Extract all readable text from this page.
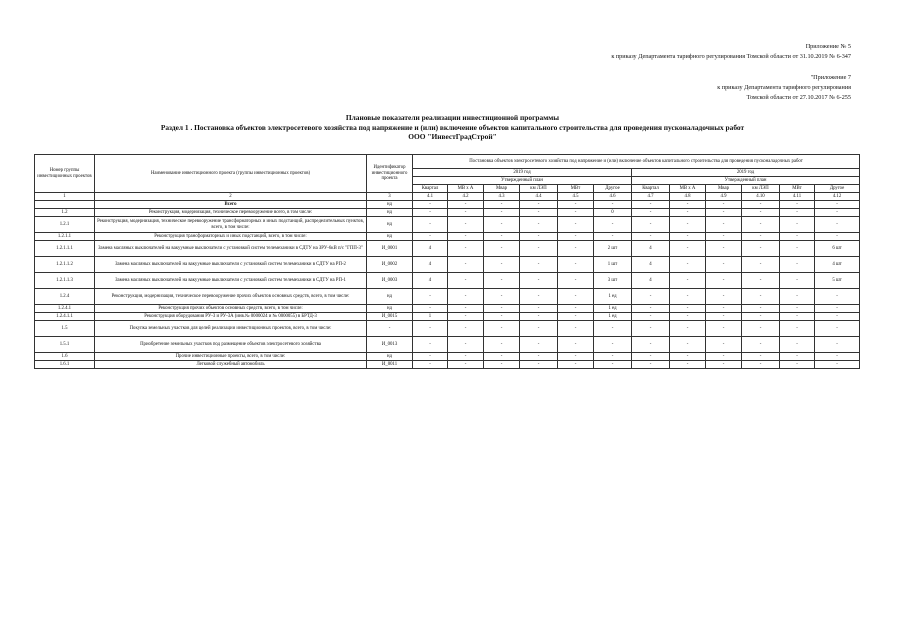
Приложение № 5
к приказу Департамента тарифного регулирования Томской области от 31.10.2019 № 6-347
"Приложение 7
к приказу Департамента тарифного регулирования
Томской области от 27.10.2017 № 6-255
Плановые показатели реализации инвестиционной программы
Раздел 1 . Постановка объектов электросетевого хозяйства под напряжение и (или) включение объектов капитального строительства для проведения пусконаладочных работ
ООО "ИнвестГрадСтрой"
Номер группы инвестиционных проектов	Наименование инвестиционного проекта (группы инвестиционных проектов)	Идентификатор инвестиционного проекта	Постановка объектов электросетевого хозяйства под напряжение и (или) включение объектов капитального строительства для проведения пусконаладочных работ											
			2019 год						2019 год					
			Утвержденный план						Утвержденный план					
			Квартал	МВ х А	Мвар	км ЛЭП	МВт	Другое	Квартал	МВ х А	Мвар	км ЛЭП	МВт	Другое
1	2	3	4.1	4.2	4.3	4.4	4.5	4.6	4.7	4.8	4.9	4.10	4.11	4.12
	Всего	нд	-	-	-	-	-	-	-	-	-	-	-	-
1.2	Реконструкция, модернизация, техническое перевооружение всего, в том числе:	нд	-	-	-	-	-	0	-	-	-	-	-	-
1.2.1	Реконструкция, модернизация, техническое перевооружение трансформаторных и иных подстанций, распределительных пунктов, всего, в том числе:	нд	-	-	-	-	-	-	-	-	-	-	-	-
1.2.1.1	Реконструкция трансформаторных и иных подстанций, всего, в том числе:	нд	-	-	-	-	-	-	-	-	-	-	-	-
1.2.1.1.1	Замена масляных выключателей на вакуумные выключатели с установкой систем телемеханики в СДТУ на ЗРУ-6кВ п/с "ГПП-3"	И_0001	4	-	-	-	-	2 шт	4	-	-	-	-	6 шт
1.2.1.1.2	Замена масляных выключателей на вакуумные выключатели с установкой систем телемеханики в СДТУ на РП-2	И_0002	4	-	-	-	-	1 шт	4	-	-	-	-	4 шт
1.2.1.1.3	Замена масляных выключателей на вакуумные выключатели с установкой систем телемеханики в СДТУ на РП-1	И_0003	4	-	-	-	-	3 шт	4	-	-	-	-	5 шт
1.2.4	Реконструкция, модернизация, техническое перевооружение прочих объектов основных средств, всего, в том числе:	нд	-	-	-	-	-	1 ед	-	-	-	-	-	-
1.2.4.1	Реконструкция прочих объектов основных средств, всего, в том числе:	нд	-	-	-	-	-	1 ед	-	-	-	-	-	-
1.2.4.1.1	Реконструкция оборудования РУ-3 и РУ-3А (инв.№ 0000024 и № 0000055) в БРТД-3	И_0015	1	-	-	-	-	1 ед	-	-	-	-	-	-
1.5	Покупка земельных участков для целей реализации инвестиционных проектов, всего, в том числе:	-	-	-	-	-	-	-	-	-	-	-	-	-
1.5.1	Приобретение земельных участков под размещение объектов электросетевого хозяйства	И_0013	-	-	-	-	-	-	-	-	-	-	-	-
1.6	Прочие инвестиционные проекты, всего, в том числе:	нд	-	-	-	-	-	-	-	-	-	-	-	-
1.6.1	Легковой служебный автомобиль	И_0011	-	-	-	-	-	-	-	-	-	-	-	-
